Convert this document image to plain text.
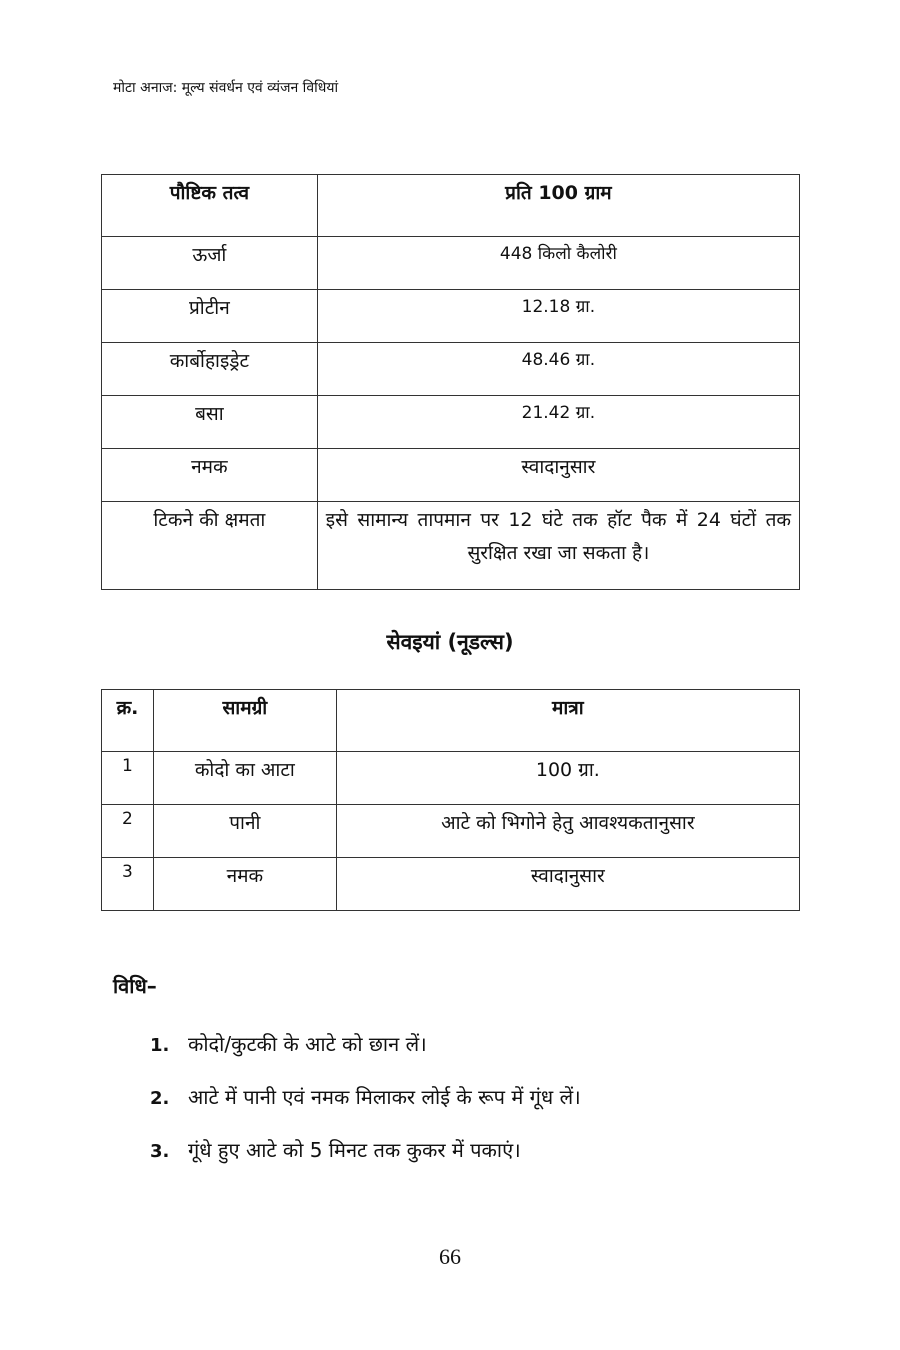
मोटा अनाज: मूल्य संवर्धन एवं व्यंजन विधियां
पौष्टिक तत्व	प्रति 100 ग्राम
ऊर्जा	448 किलो कैलोरी
प्रोटीन	12.18 ग्रा.
कार्बोहाइड्रेट	48.46 ग्रा.
बसा	21.42 ग्रा.
नमक	स्वादानुसार
टिकने की क्षमता	इसे सामान्य तापमान पर 12 घंटे तक हॉट पैक में 24 घंटों तक सुरक्षित रखा जा सकता है।
सेवइयां (नूडल्स)
क्र.	सामग्री	मात्रा
1	कोदो का आटा	100 ग्रा.
2	पानी	आटे को भिगोने हेतु आवश्यकतानुसार
3	नमक	स्वादानुसार
विधि–
1. कोदो/कुटकी के आटे को छान लें।
2. आटे में पानी एवं नमक मिलाकर लोई के रूप में गूंध लें।
3. गूंधे हुए आटे को 5 मिनट तक कुकर में पकाएं।
66
